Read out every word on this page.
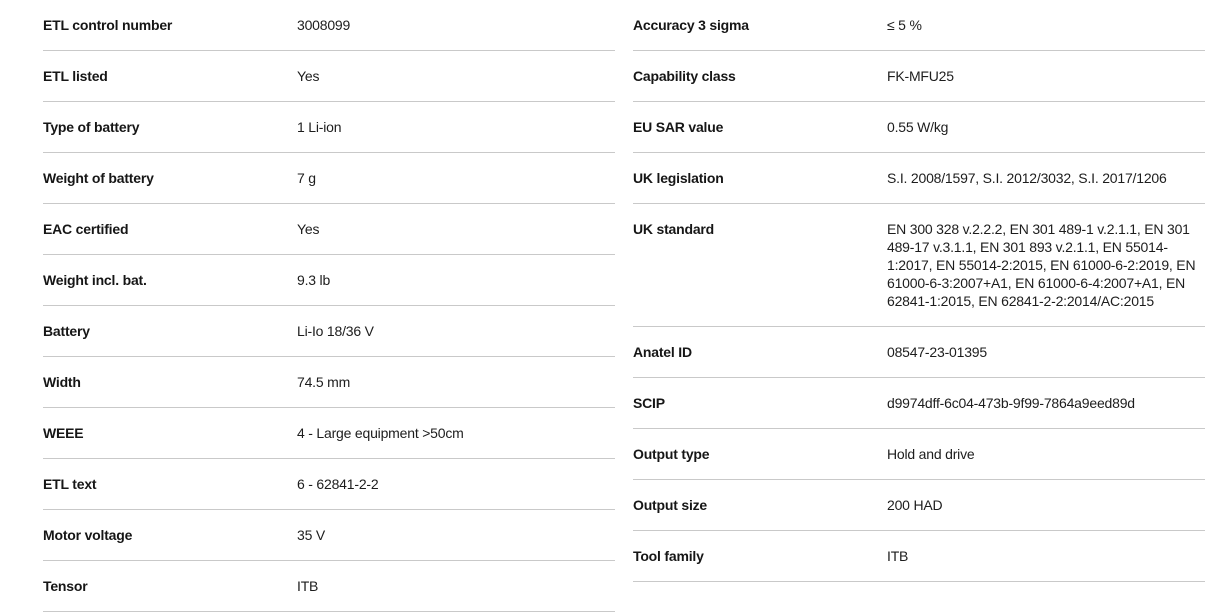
ETL control number	3008099
ETL listed	Yes
Type of battery	1 Li-ion
Weight of battery	7 g
EAC certified	Yes
Weight incl. bat.	9.3 lb
Battery	Li-Io 18/36 V
Width	74.5 mm
WEEE	4 - Large equipment >50cm
ETL text	6 - 62841-2-2
Motor voltage	35 V
Tensor	ITB
Accuracy 3 sigma	≤ 5 %
Capability class	FK-MFU25
EU SAR value	0.55 W/kg
UK legislation	S.I. 2008/1597, S.I. 2012/3032, S.I. 2017/1206
UK standard	EN 300 328 v.2.2.2, EN 301 489-1 v.2.1.1, EN 301 489-17 v.3.1.1, EN 301 893 v.2.1.1, EN 55014-1:2017, EN 55014-2:2015, EN 61000-6-2:2019, EN 61000-6-3:2007+A1, EN 61000-6-4:2007+A1, EN 62841-1:2015, EN 62841-2-2:2014/AC:2015
Anatel ID	08547-23-01395
SCIP	d9974dff-6c04-473b-9f99-7864a9eed89d
Output type	Hold and drive
Output size	200 HAD
Tool family	ITB
